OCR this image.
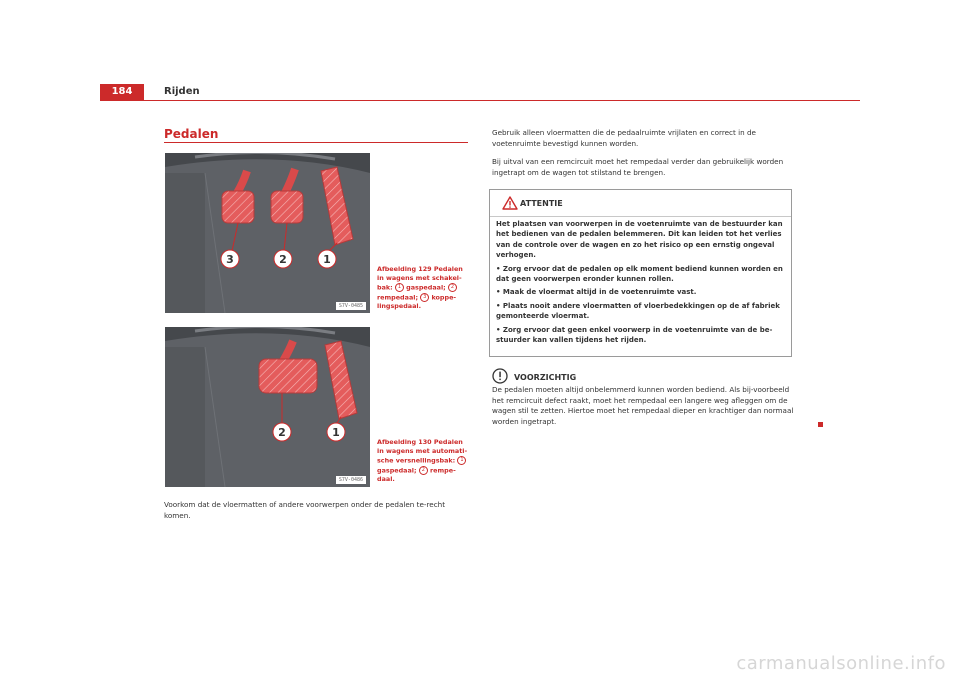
184	Rijden
Pedalen
3	2	1
S7V-0485
Afbeelding 129 Pedalen in wagens met schakel-bak: 1 gaspedaal; 2 rempedaal; 3 koppe-lingspedaal.
2	1
S7V-0486
Afbeelding 130 Pedalen in wagens met automati-sche versnellingsbak: 1 gaspedaal; 2 rempe-daal.
Voorkom dat de vloermatten of andere voorwerpen onder de pedalen te-recht komen.
Gebruik alleen vloermatten die de pedaalruimte vrijlaten en correct in de voetenruimte bevestigd kunnen worden.
Bij uitval van een remcircuit moet het rempedaal verder dan gebruikelijk worden ingetrapt om de wagen tot stilstand te brengen.
ATTENTIE

Het plaatsen van voorwerpen in de voetenruimte van de bestuurder kan het bedienen van de pedalen belemmeren. Dit kan leiden tot het verlies van de controle over de wagen en zo het risico op een ernstig ongeval verhogen.

• Zorg ervoor dat de pedalen op elk moment bediend kunnen worden en dat geen voorwerpen eronder kunnen rollen.

• Maak de vloermat altijd in de voetenruimte vast.

• Plaats nooit andere vloermatten of vloerbedekkingen op de af fabriek gemonteerde vloermat.

• Zorg ervoor dat geen enkel voorwerp in de voetenruimte van de be-stuurder kan vallen tijdens het rijden.

VOORZICHTIG
De pedalen moeten altijd onbelemmerd kunnen worden bediend. Als bij-voorbeeld het remcircuit defect raakt, moet het rempedaal een langere weg afleggen om de wagen stil te zetten. Hiertoe moet het rempedaal dieper en krachtiger dan normaal worden ingetrapt.
carmanualsonline.info
